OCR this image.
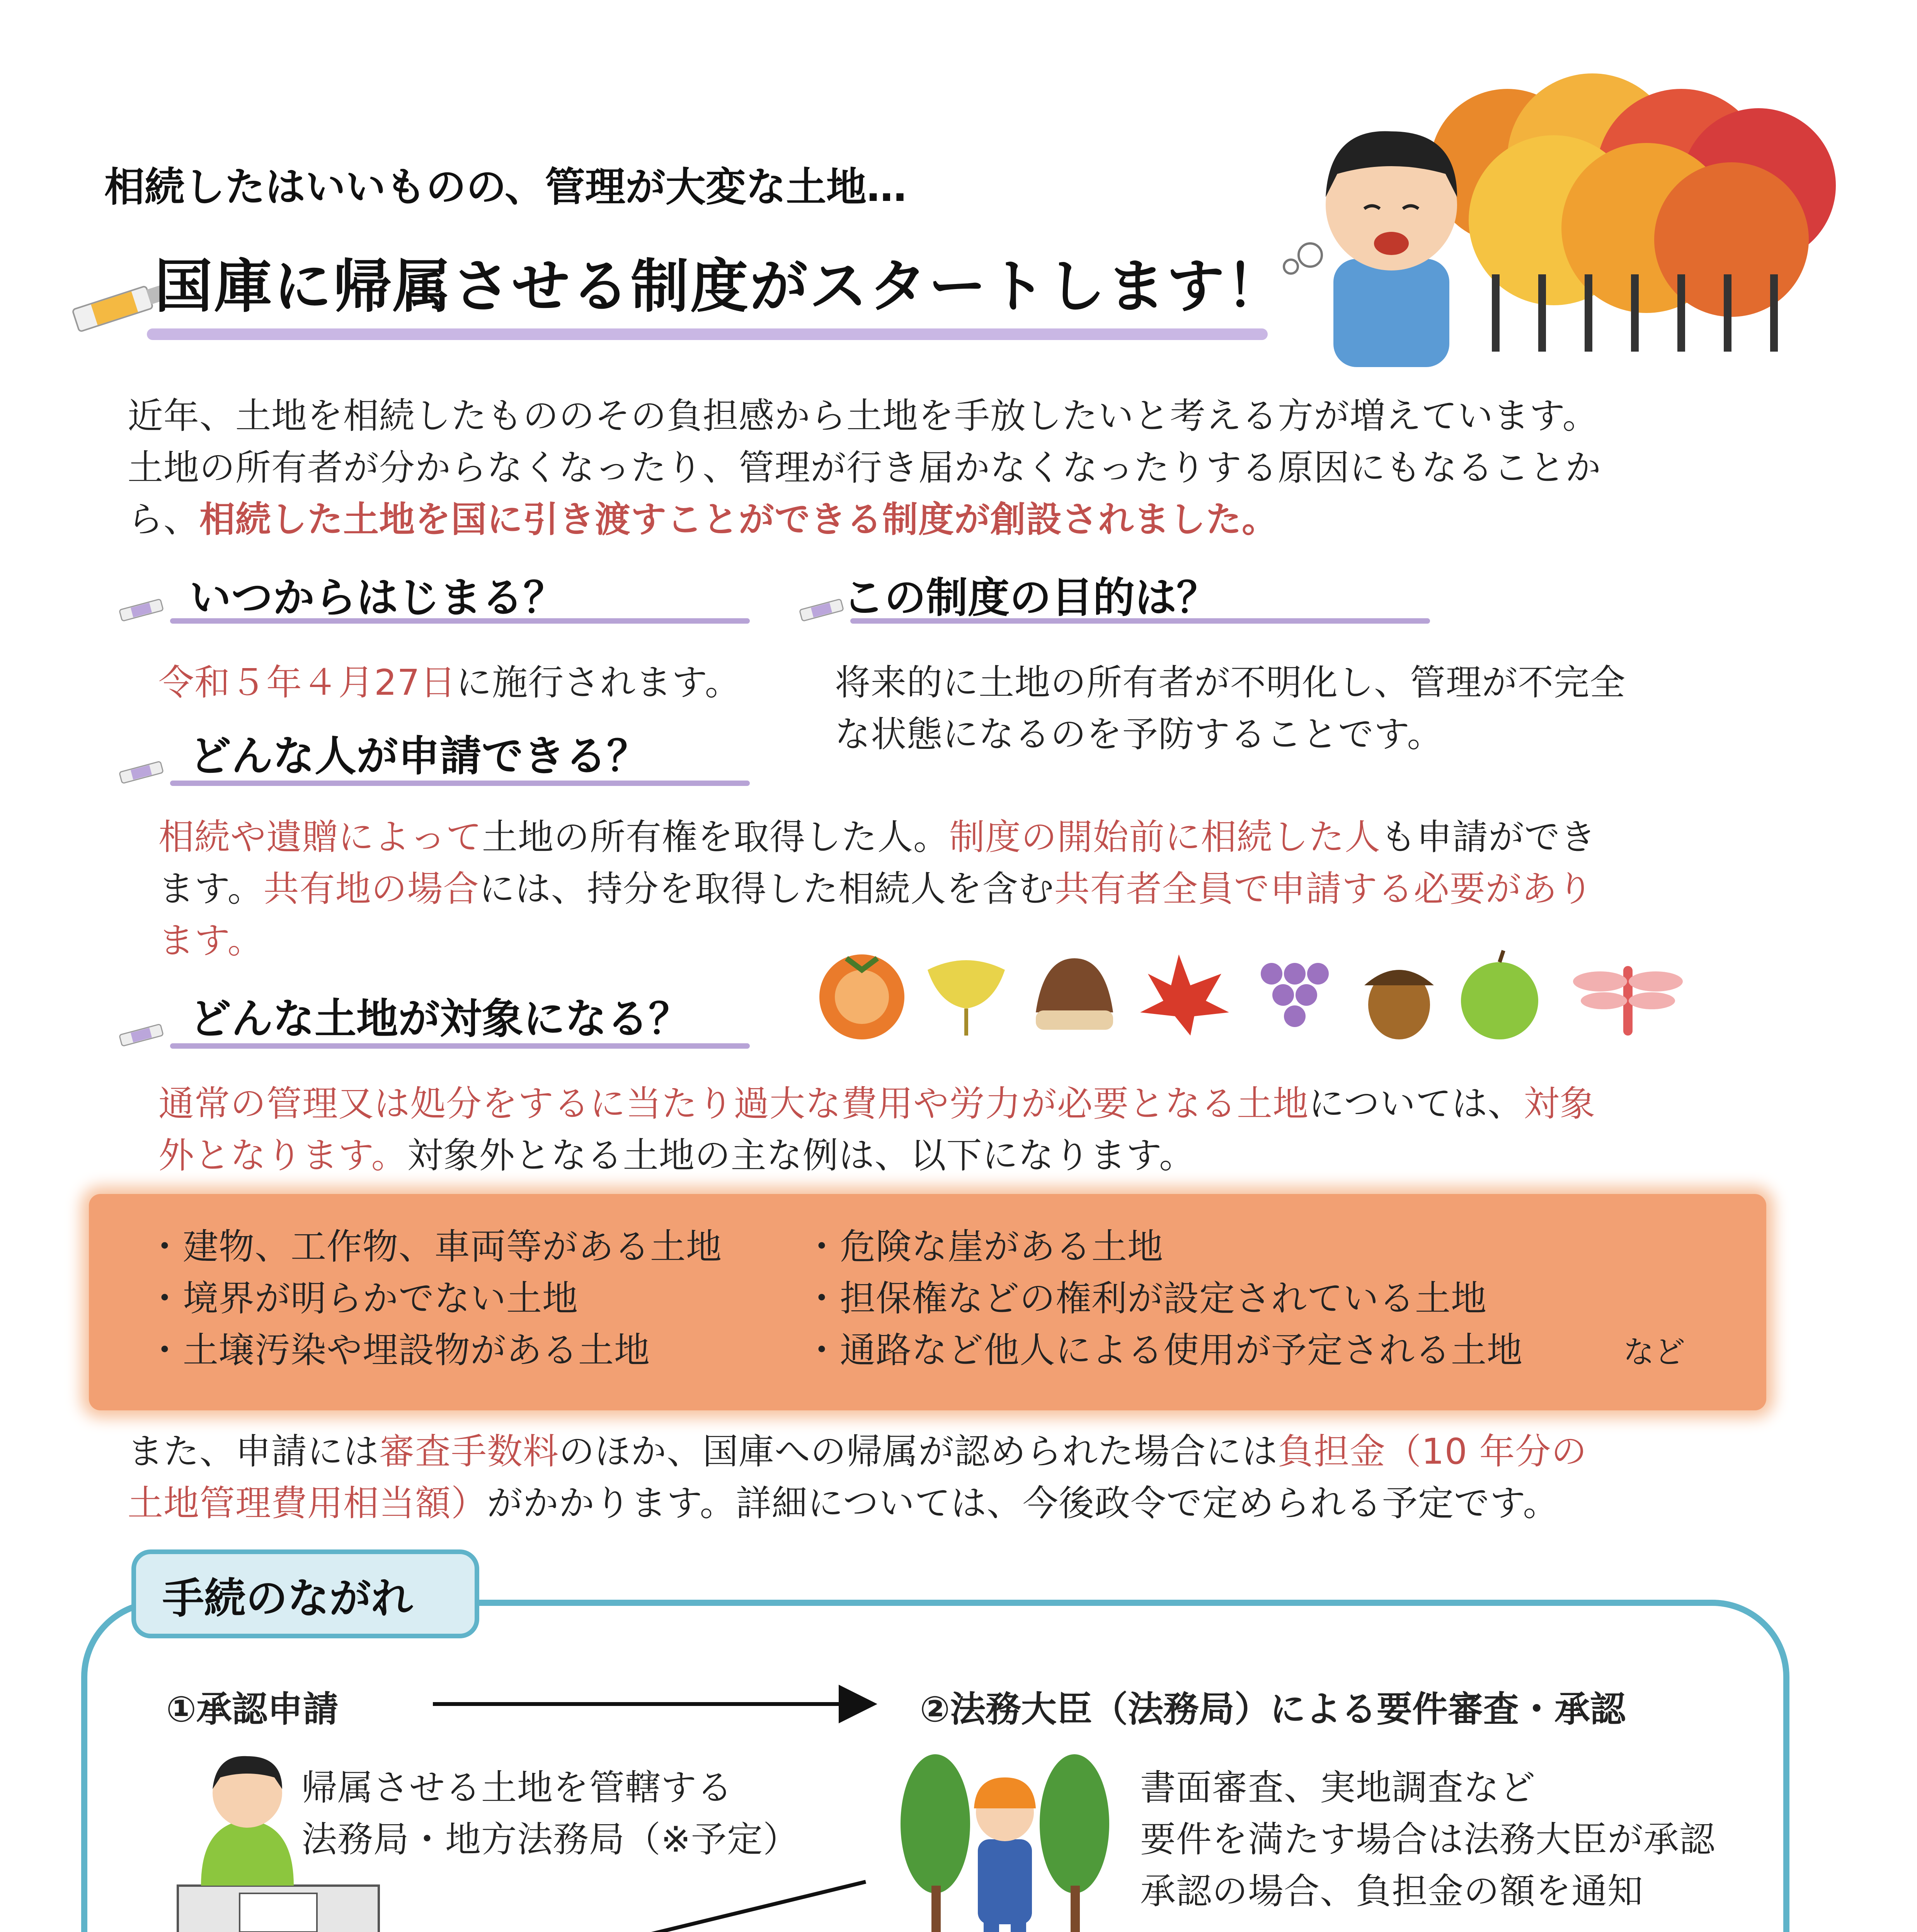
相続したはいいものの、管理が大変な土地…
国庫に帰属させる制度がスタートします！
近年、土地を相続したもののその負担感から土地を手放したいと考える方が増えています。
土地の所有者が分からなくなったり、管理が行き届かなくなったりする原因にもなることか
ら、相続した土地を国に引き渡すことができる制度が創設されました。
いつからはじまる？
令和５年４月27日に施行されます。
この制度の目的は？
将来的に土地の所有者が不明化し、管理が不完全
な状態になるのを予防することです。
どんな人が申請できる？
相続や遺贈によって土地の所有権を取得した人。制度の開始前に相続した人も申請ができ
ます。共有地の場合には、持分を取得した相続人を含む共有者全員で申請する必要があり
ます。
どんな土地が対象になる？
通常の管理又は処分をするに当たり過大な費用や労力が必要となる土地については、対象
外となります。対象外となる土地の主な例は、以下になります。
・建物、工作物、車両等がある土地
・境界が明らかでない土地
・土壌汚染や埋設物がある土地
・危険な崖がある土地
・担保権などの権利が設定されている土地
・通路など他人による使用が予定される土地	など
また、申請には審査手数料のほか、国庫への帰属が認められた場合には負担金（10 年分の
土地管理費用相当額）がかかります。詳細については、今後政令で定められる予定です。
手続のながれ
①承認申請	②法務大臣（法務局）による要件審査・承認
帰属させる土地を管轄する
法務局・地方法務局（※予定）
書面審査、実地調査など
要件を満たす場合は法務大臣が承認
承認の場合、負担金の額を通知
